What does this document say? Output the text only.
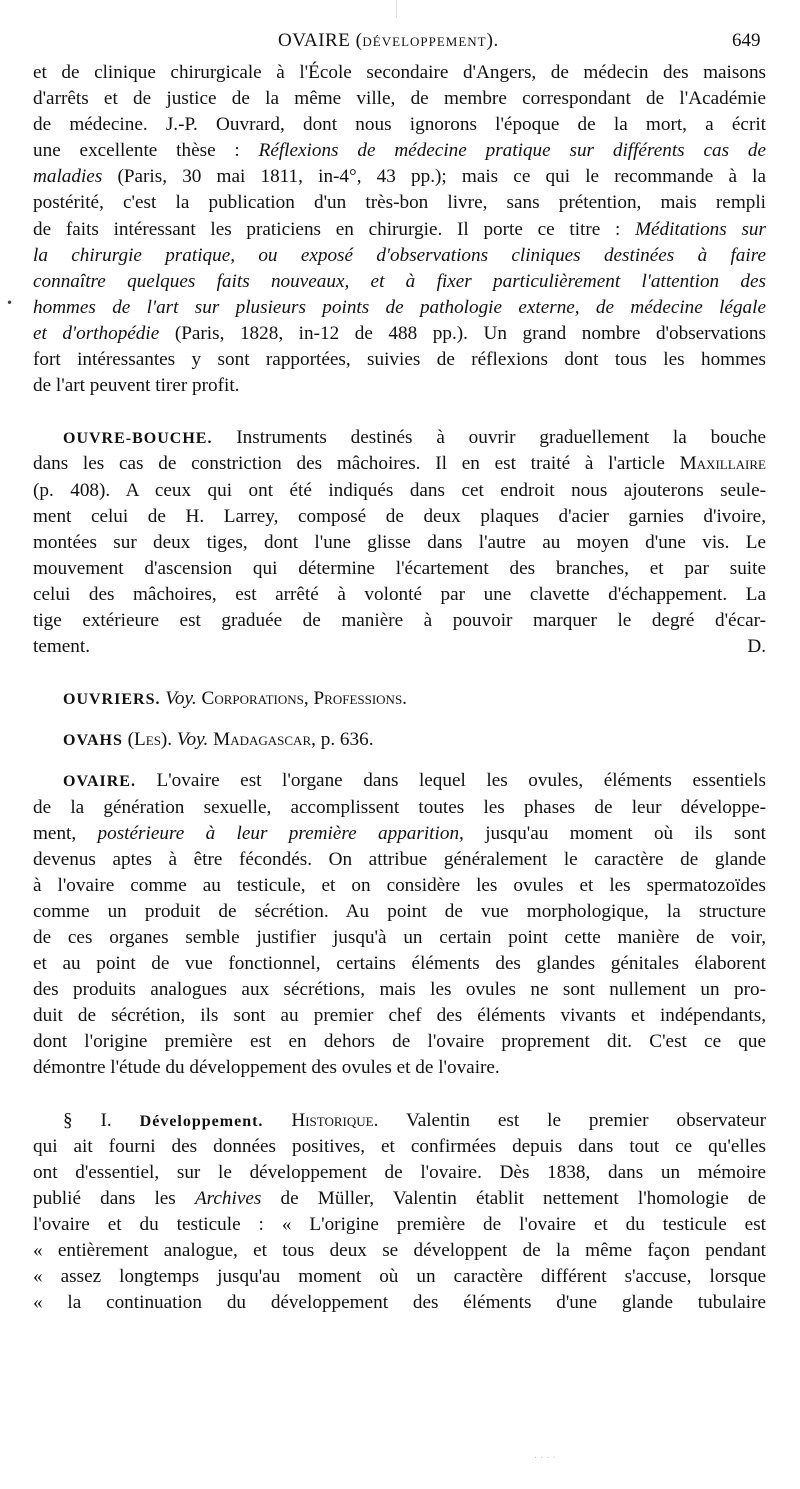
OVAIRE (DÉVELOPPEMENT).	649
•
et de clinique chirurgicale à l'École secondaire d'Angers, de médecin des maisons
d'arrêts et de justice de la même ville, de membre correspondant de l'Académie
de médecine. J.-P. Ouvrard, dont nous ignorons l'époque de la mort, a écrit
une excellente thèse : Réflexions de médecine pratique sur différents cas de
maladies (Paris, 30 mai 1811, in-4°, 43 pp.); mais ce qui le recommande à la
postérité, c'est la publication d'un très-bon livre, sans prétention, mais rempli
de faits intéressant les praticiens en chirurgie. Il porte ce titre : Méditations sur
la chirurgie pratique, ou exposé d'observations cliniques destinées à faire
connaître quelques faits nouveaux, et à fixer particulièrement l'attention des
hommes de l'art sur plusieurs points de pathologie externe, de médecine légale
et d'orthopédie (Paris, 1828, in-12 de 488 pp.). Un grand nombre d'observations
fort intéressantes y sont rapportées, suivies de réflexions dont tous les hommes
de l'art peuvent tirer profit.
OUVRE-BOUCHE. Instruments destinés à ouvrir graduellement la bouche
dans les cas de constriction des mâchoires. Il en est traité à l'article Maxillaire
(p. 408). A ceux qui ont été indiqués dans cet endroit nous ajouterons seule-
ment celui de H. Larrey, composé de deux plaques d'acier garnies d'ivoire,
montées sur deux tiges, dont l'une glisse dans l'autre au moyen d'une vis. Le
mouvement d'ascension qui détermine l'écartement des branches, et par suite
celui des mâchoires, est arrêté à volonté par une clavette d'échappement. La
tige extérieure est graduée de manière à pouvoir marquer le degré d'écar-
tement.	D.
OUVRIERS. Voy. Corporations, Professions.
OVAHS (Les). Voy. Madagascar, p. 636.
OVAIRE. L'ovaire est l'organe dans lequel les ovules, éléments essentiels
de la génération sexuelle, accomplissent toutes les phases de leur développe-
ment, postérieure à leur première apparition, jusqu'au moment où ils sont
devenus aptes à être fécondés. On attribue généralement le caractère de glande
à l'ovaire comme au testicule, et on considère les ovules et les spermatozoïdes
comme un produit de sécrétion. Au point de vue morphologique, la structure
de ces organes semble justifier jusqu'à un certain point cette manière de voir,
et au point de vue fonctionnel, certains éléments des glandes génitales élaborent
des produits analogues aux sécrétions, mais les ovules ne sont nullement un pro-
duit de sécrétion, ils sont au premier chef des éléments vivants et indépendants,
dont l'origine première est en dehors de l'ovaire proprement dit. C'est ce que
démontre l'étude du développement des ovules et de l'ovaire.
§ I. Développement. Historique. Valentin est le premier observateur
qui ait fourni des données positives, et confirmées depuis dans tout ce qu'elles
ont d'essentiel, sur le développement de l'ovaire. Dès 1838, dans un mémoire
publié dans les Archives de Müller, Valentin établit nettement l'homologie de
l'ovaire et du testicule : « L'origine première de l'ovaire et du testicule est
« entièrement analogue, et tous deux se développent de la même façon pendant
« assez longtemps jusqu'au moment où un caractère différent s'accuse, lorsque
« la continuation du développement des éléments d'une glande tubulaire
....
